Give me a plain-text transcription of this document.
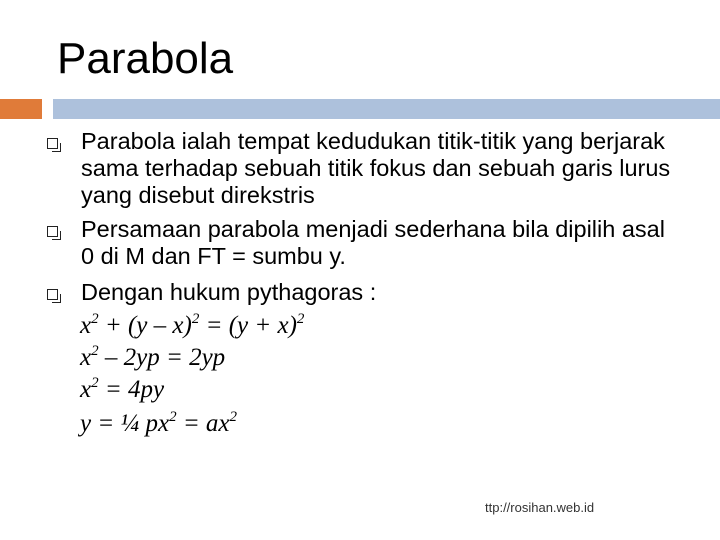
Parabola
Parabola ialah tempat kedudukan titik-titik yang berjarak sama terhadap sebuah titik fokus dan sebuah garis lurus yang disebut direkstris
Persamaan parabola menjadi sederhana bila dipilih asal 0 di M dan FT = sumbu y.
Dengan hukum pythagoras :
$x^2 + (y - x)^2 = (y + x)^2$
$x^2 - 2yp = 2yp$
$x^2 = 4py$
y = ¼ $px^2 = ax^2$
ttp://rosihan.web.id
